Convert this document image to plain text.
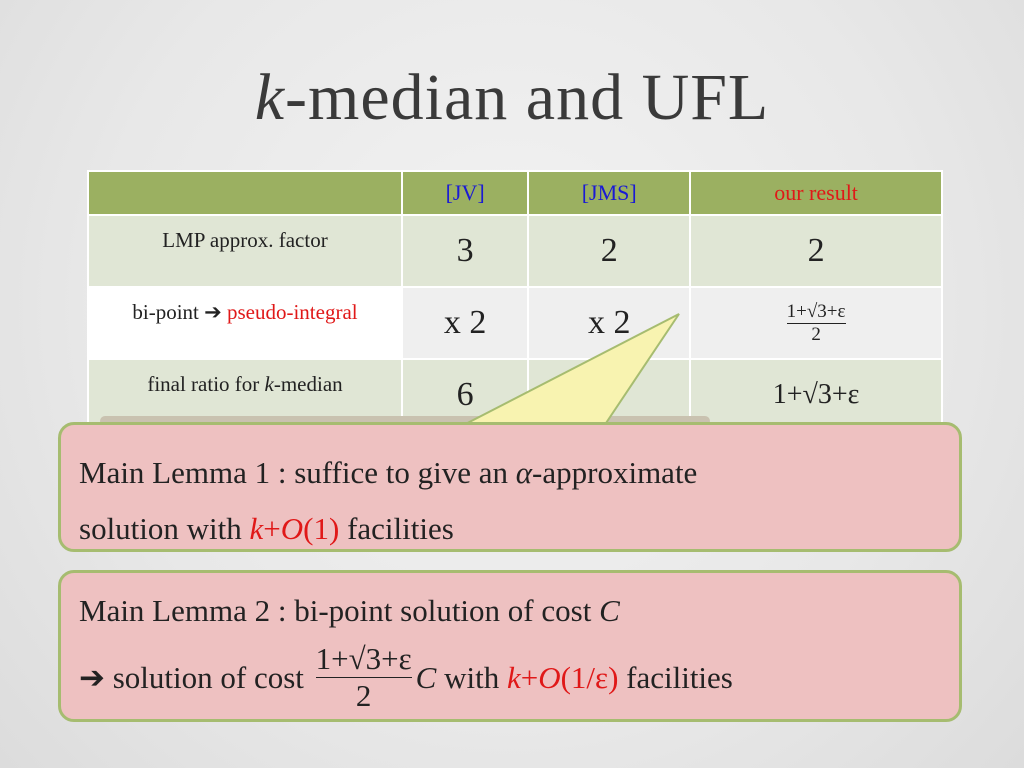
k-median and UFL
	[JV]	[JMS]	our result
LMP approx. factor	3	2	2
bi-point ➔ pseudo-integral	x 2	x 2	$\frac{1+√3+\varepsilon}{2}$

final ratio for k-median	6		1+√3+ε
Main Lemma 1 : suffice to give an α-approximate
solution with k+O(1) facilities
Main Lemma 2 : bi-point solution of cost C
➔ solution of cost $\frac{1+√3+\varepsilon}{2}$ C with k + O (1/ε) facilities
